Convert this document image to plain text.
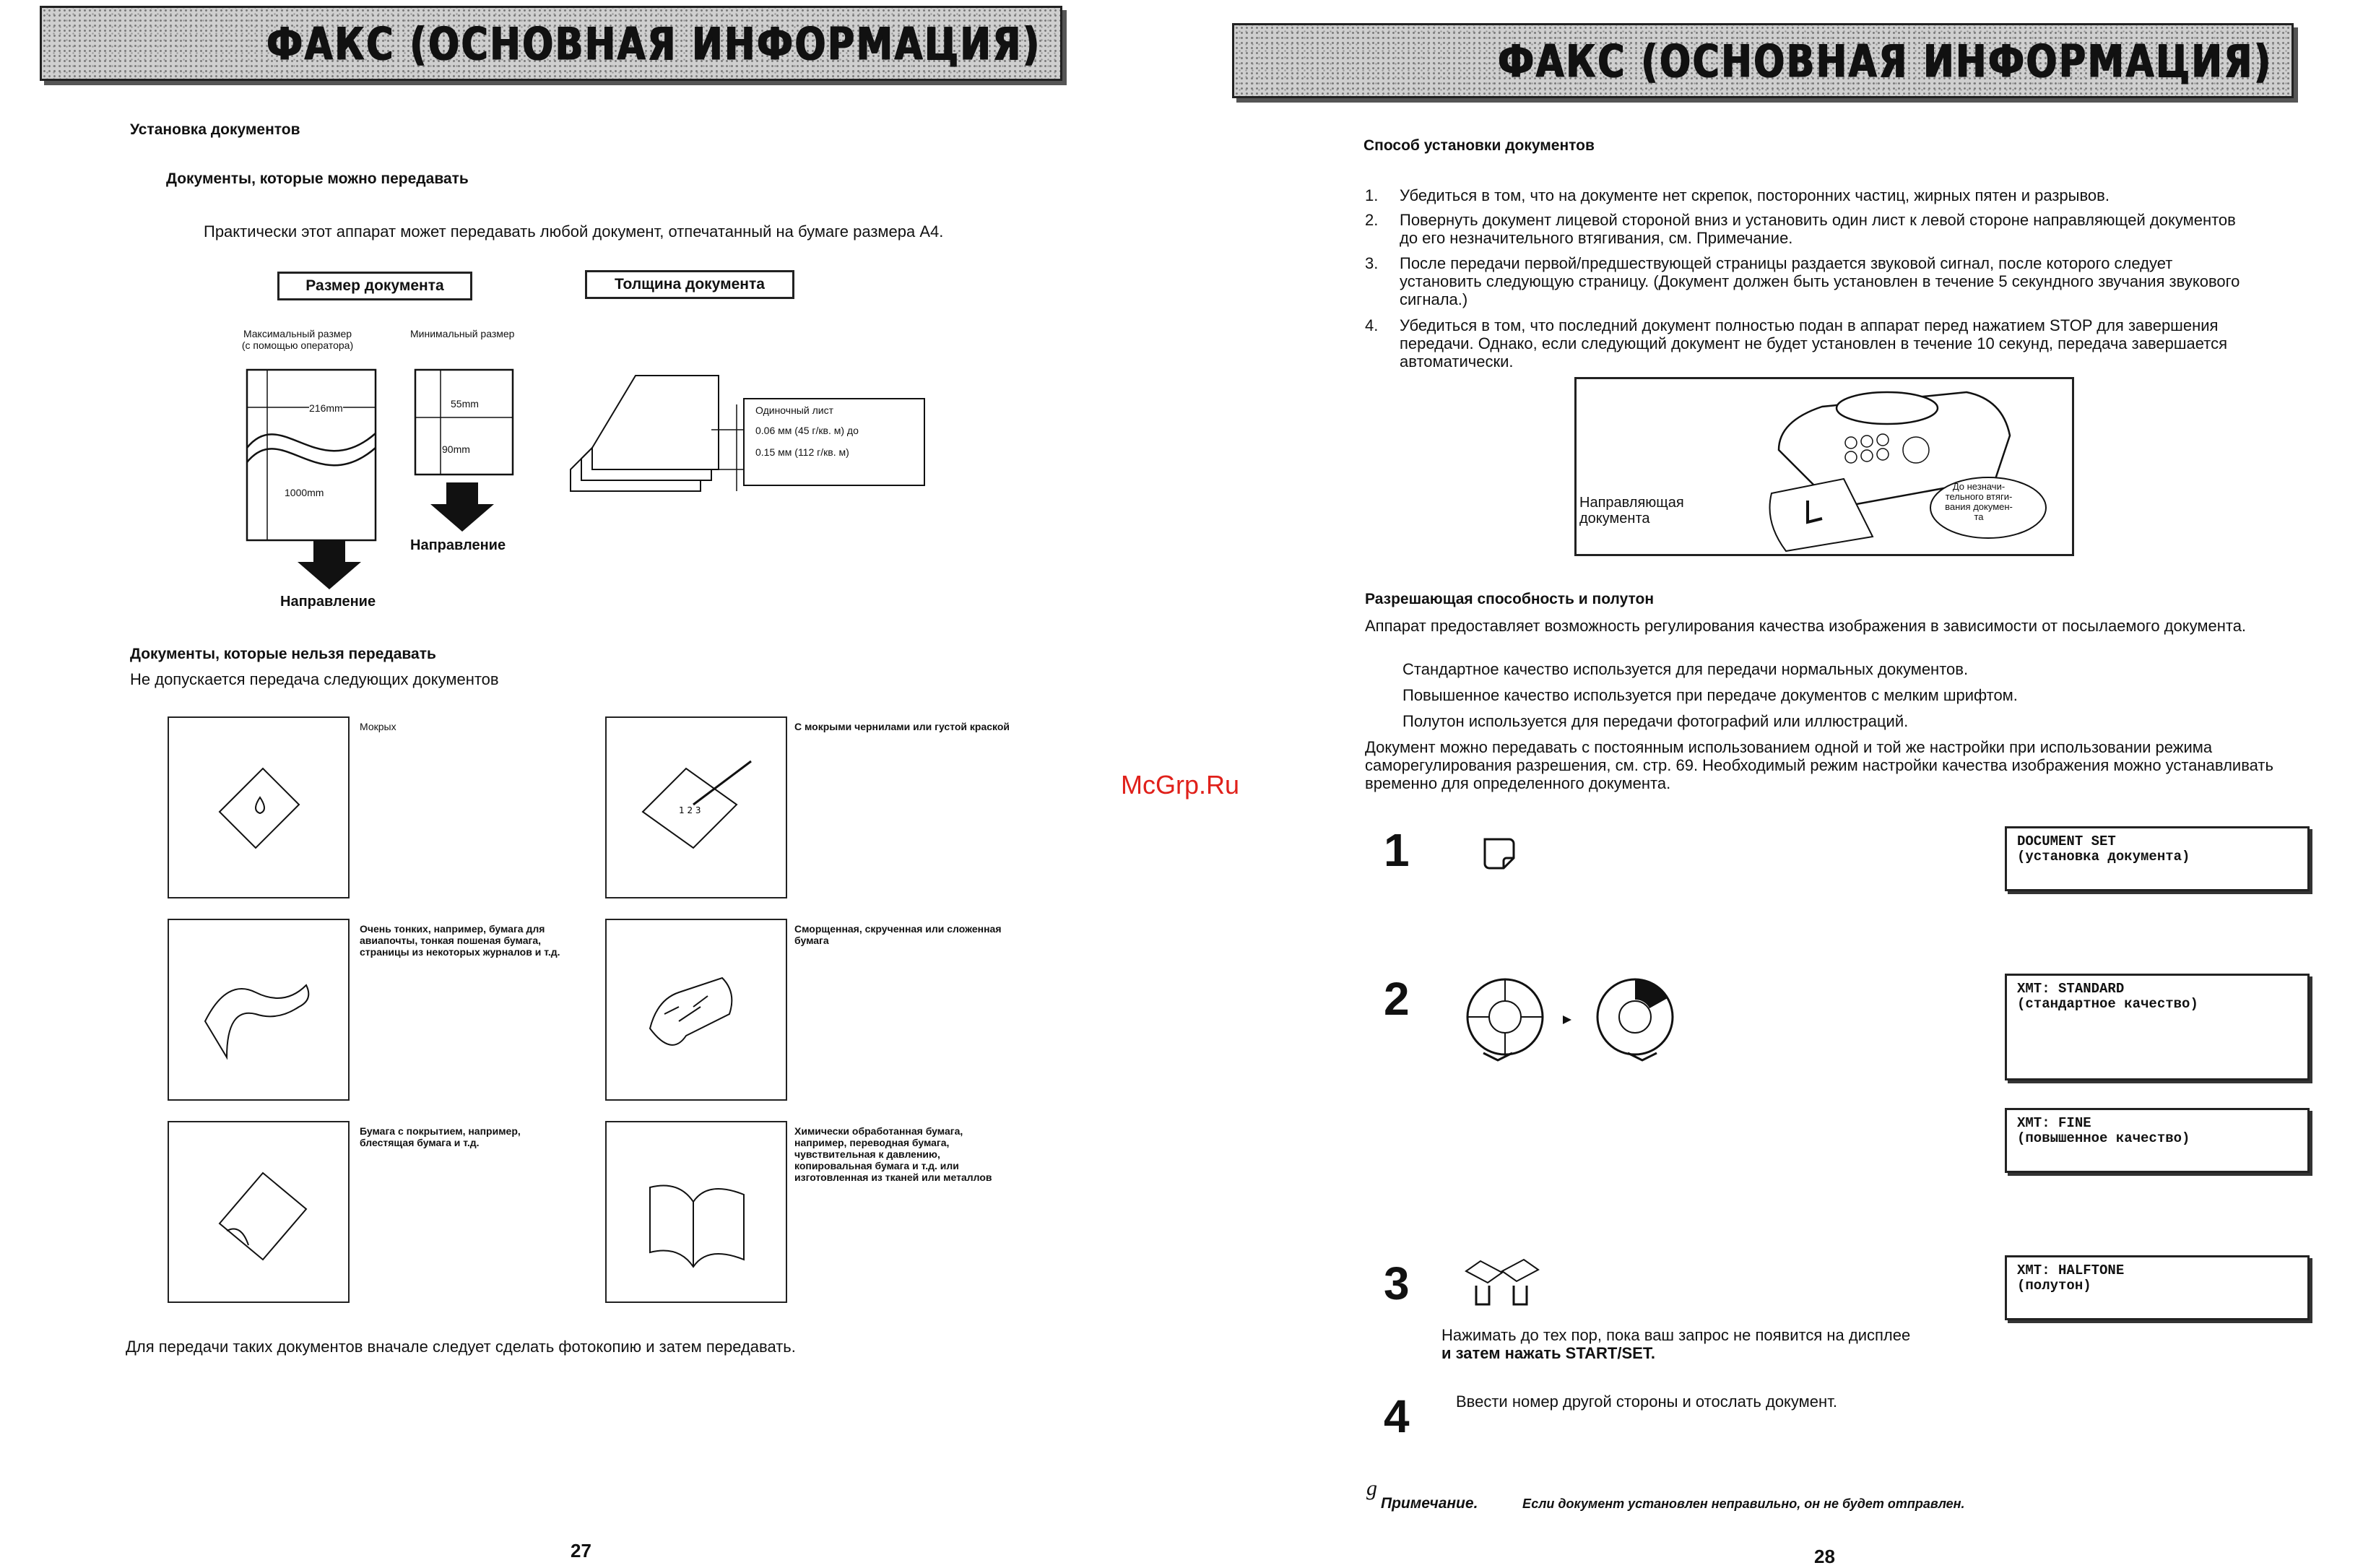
ФАКС (ОСНОВНАЯ ИНФОРМАЦИЯ)
Установка документов
Документы, которые можно передавать
Практически этот аппарат может передавать любой документ, отпечатанный на бумаге размера А4.
Размер документа	Толщина документа
Максимальный размер
(с помощью оператора)
Минимальный размер
216mm
1000mm
55mm
90mm
Направление
Направление
Одиночный лист
0.06 мм (45 г/кв. м) до
0.15 мм (112 г/кв. м)
Документы, которые нельзя передавать
Не допускается передача следующих документов
Мокрых
1 2 3
С мокрыми чернилами или густой краской
Очень тонких, например, бумага для авиапочты, тонкая пошеная бумага, страницы из некоторых журналов и т.д.
Сморщенная, скрученная или сложенная бумага
Бумага с покрытием, например, блестящая бумага и т.д.
Химически обработанная бумага, например, переводная бумага, чувствительная к давлению, копировальная бумага и т.д. или изготовленная из тканей или металлов
Для передачи таких документов вначале следует сделать фотокопию и затем передавать.
27
McGrp.Ru
ФАКС (ОСНОВНАЯ ИНФОРМАЦИЯ)
Способ установки документов
1. Убедиться в том, что на документе нет скрепок, посторонних частиц, жирных пятен и разрывов.
2. Повернуть документ лицевой стороной вниз и установить один лист к левой стороне направляющей документов до его незначительного втягивания, см. Примечание.
3. После передачи первой/предшествующей страницы раздается звуковой сигнал, после которого следует установить следующую страницу. (Документ должен быть установлен в течение 5 секундного звучания звукового сигнала.)
4. Убедиться в том, что последний документ полностью подан в аппарат перед нажатием STOP для завершения передачи. Однако, если следующий документ не будет установлен в течение 10 секунд, передача завершается автоматически.
Направляющая
документа
До незначи-
тельного втяги-
вания докумен-
та
Разрешающая способность и полутон
Аппарат предоставляет возможность регулирования качества изображения в зависимости от посылаемого документа.
Стандартное качество используется для передачи нормальных документов.
Повышенное качество используется при передаче документов с мелким шрифтом.
Полутон используется для передачи фотографий или иллюстраций.
Документ можно передавать с постоянным использованием одной и той же настройки при использовании режима саморегулирования разрешения, см. стр. 69. Необходимый режим настройки качества изображения можно устанавливать временно для определенного документа.
1	DOCUMENT SET
(установка документа)
2	XMT: STANDARD
(стандартное качество)
XMT: FINE
(повышенное качество)
3	XMT: HALFTONE
(полутон)
Нажимать до тех пор, пока ваш запрос не появится на дисплее
и затем нажать START/SET.
4	Ввести номер другой стороны и отослать документ.
g
Примечание.	Если документ установлен неправильно, он не будет отправлен.
28
